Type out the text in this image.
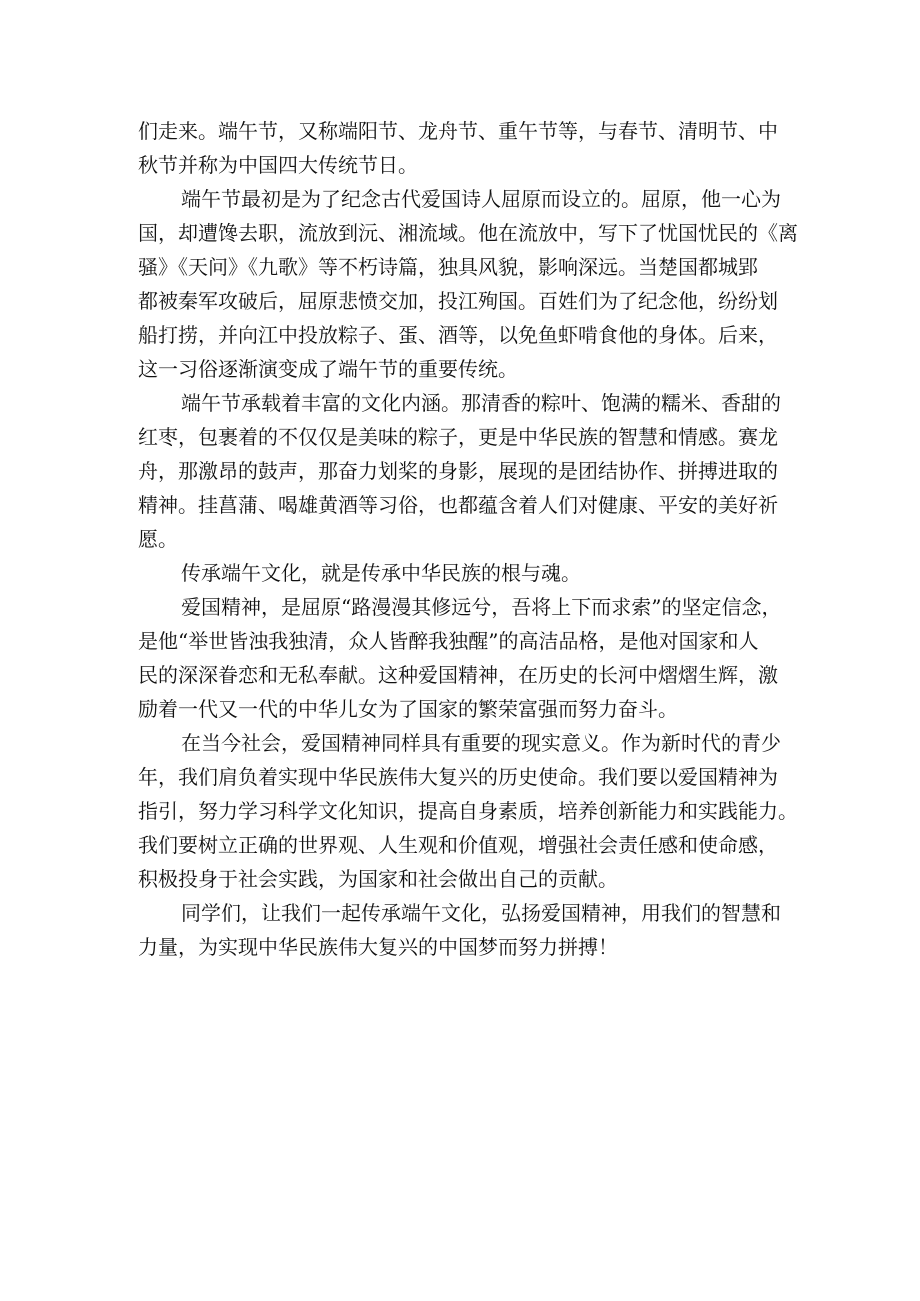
们走来。端午节，又称端阳节、龙舟节、重午节等，与春节、清明节、中
秋节并称为中国四大传统节日。
端午节最初是为了纪念古代爱国诗人屈原而设立的。屈原，他一心为
国，却遭馋去职，流放到沅、湘流域。他在流放中，写下了忧国忧民的《离
骚》《天问》《九歌》等不朽诗篇，独具风貌，影响深远。当楚国都城郢
都被秦军攻破后，屈原悲愤交加，投江殉国。百姓们为了纪念他，纷纷划
船打捞，并向江中投放粽子、蛋、酒等，以免鱼虾啃食他的身体。后来，
这一习俗逐渐演变成了端午节的重要传统。
端午节承载着丰富的文化内涵。那清香的粽叶、饱满的糯米、香甜的
红枣，包裹着的不仅仅是美味的粽子，更是中华民族的智慧和情感。赛龙
舟，那激昂的鼓声，那奋力划桨的身影，展现的是团结协作、拼搏进取的
精神。挂菖蒲、喝雄黄酒等习俗，也都蕴含着人们对健康、平安的美好祈
愿。
传承端午文化，就是传承中华民族的根与魂。
爱国精神，是屈原“路漫漫其修远兮，吾将上下而求索”的坚定信念，
是他“举世皆浊我独清，众人皆醉我独醒”的高洁品格，是他对国家和人
民的深深眷恋和无私奉献。这种爱国精神，在历史的长河中熠熠生辉，激
励着一代又一代的中华儿女为了国家的繁荣富强而努力奋斗。
在当今社会，爱国精神同样具有重要的现实意义。作为新时代的青少
年，我们肩负着实现中华民族伟大复兴的历史使命。我们要以爱国精神为
指引，努力学习科学文化知识，提高自身素质，培养创新能力和实践能力。
我们要树立正确的世界观、人生观和价值观，增强社会责任感和使命感，
积极投身于社会实践，为国家和社会做出自己的贡献。
同学们，让我们一起传承端午文化，弘扬爱国精神，用我们的智慧和
力量，为实现中华民族伟大复兴的中国梦而努力拼搏！
